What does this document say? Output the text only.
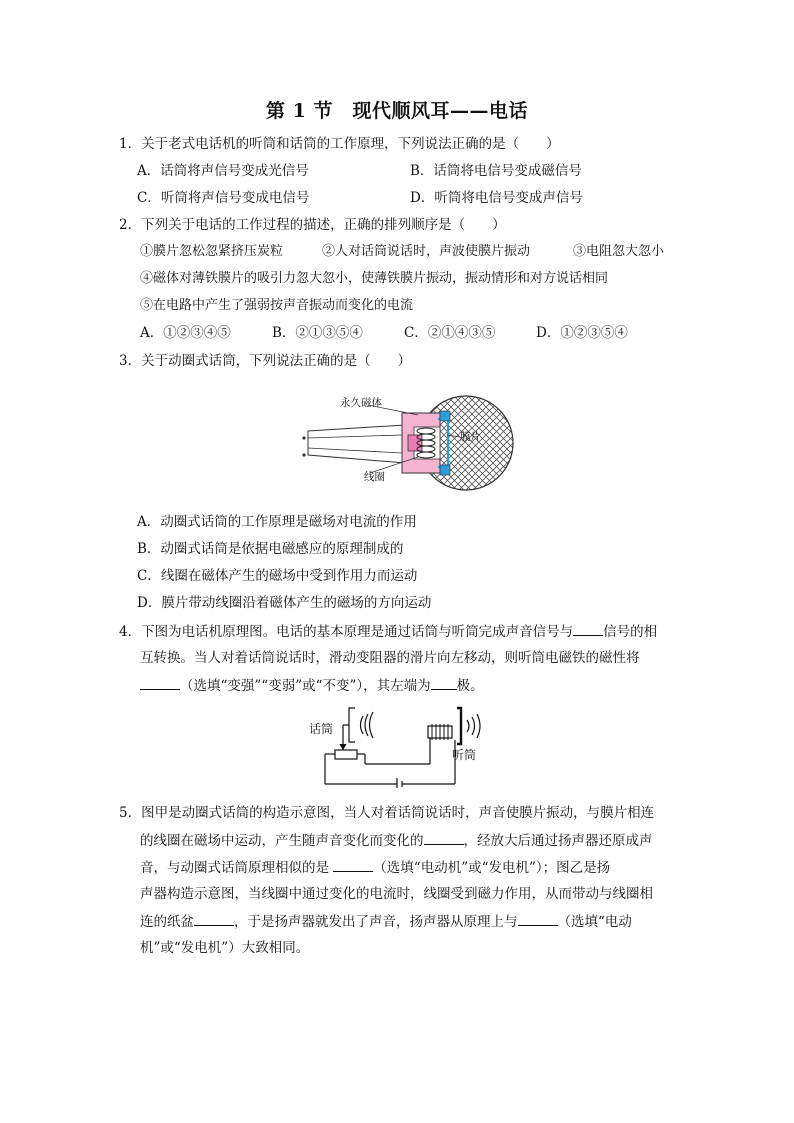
第 1 节　现代顺风耳——电话
1．关于老式电话机的听筒和话筒的工作原理，下列说法正确的是（　　）
A．话筒将声信号变成光信号	B．话筒将电信号变成磁信号
C．听筒将声信号变成电信号	D．听筒将电信号变成声信号
2．下列关于电话的工作过程的描述，正确的排列顺序是（　　）
①膜片忽松忽紧挤压炭粒	②人对话筒说话时，声波使膜片振动	③电阻忽大忽小
④磁体对薄铁膜片的吸引力忽大忽小，使薄铁膜片振动，振动情形和对方说话相同
⑤在电路中产生了强弱按声音振动而变化的电流
A．①②③④⑤	B．②①③⑤④	C．②①④③⑤	D．①②③⑤④
3．关于动圈式话筒，下列说法正确的是（　　）
永久磁体
膜片
线圈
A．动圈式话筒的工作原理是磁场对电流的作用
B．动圈式话筒是依据电磁感应的原理制成的
C．线圈在磁体产生的磁场中受到作用力而运动
D．膜片带动线圈沿着磁体产生的磁场的方向运动
4．下图为电话机原理图。电话的基本原理是通过话筒与听筒完成声音信号与 信号的相
互转换。当人对着话筒说话时，滑动变阻器的滑片向左移动，则听筒电磁铁的磁性将
（选填“变强”“变弱”或“不变”），其左端为 极。
话筒
听筒
5．图甲是动圈式话筒的构造示意图，当人对着话筒说话时，声音使膜片振动，与膜片相连
的线圈在磁场中运动，产生随声音变化而变化的	，经放大后通过扬声器还原成声
音，与动圈式话筒原理相似的是	（选填“电动机”或“发电机”）；图乙是扬
声器构造示意图，当线圈中通过变化的电流时，线圈受到磁力作用，从而带动与线圈相
连的纸盆	，于是扬声器就发出了声音，扬声器从原理上与	（选填“电动
机”或“发电机”）大致相同。
